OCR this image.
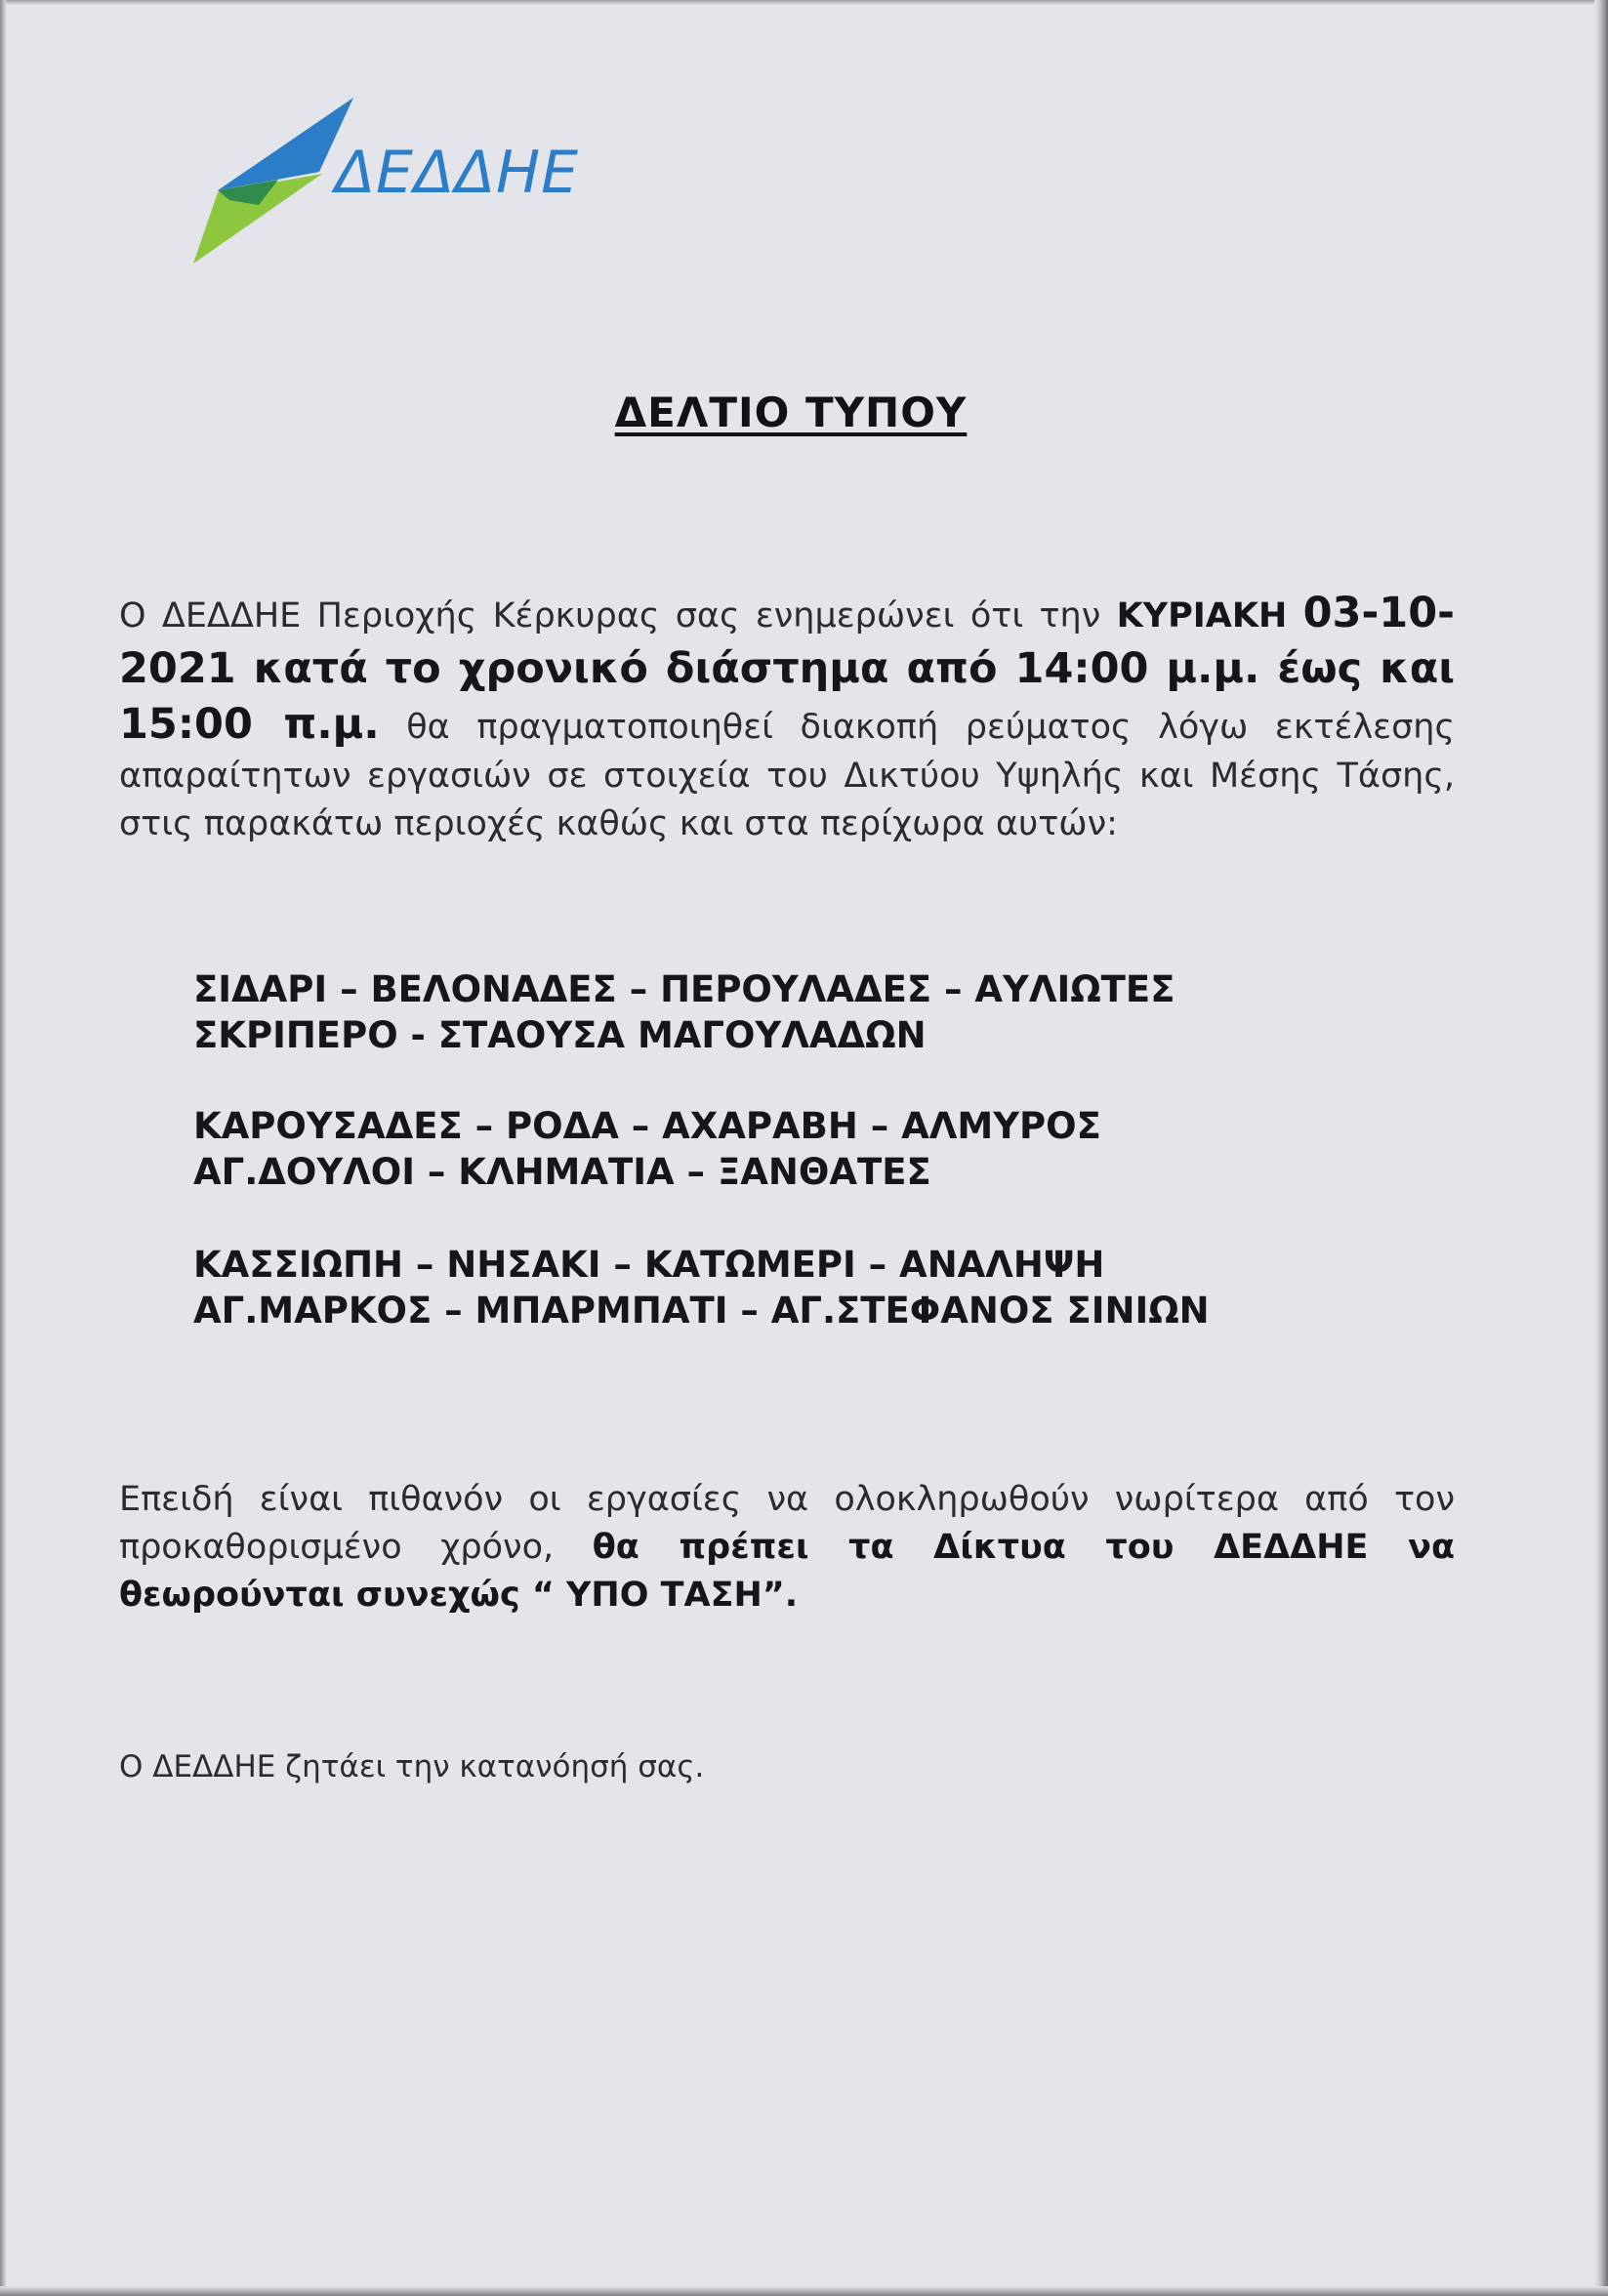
ΔΕΔΔΗΕ
ΔΕΛΤΙΟ ΤΥΠΟΥ
Ο ΔΕΔΔΗΕ Περιοχής Κέρκυρας σας ενημερώνει ότι την ΚΥΡΙΑΚΗ 03-10-2021 κατά το χρονικό διάστημα από 14:00 μ.μ. έως και 15:00 π.μ. θα πραγματοποιηθεί διακοπή ρεύματος λόγω εκτέλεσης απαραίτητων εργασιών σε στοιχεία του Δικτύου Υψηλής και Μέσης Τάσης, στις παρακάτω περιοχές καθώς και στα περίχωρα αυτών:
ΣΙΔΑΡΙ – ΒΕΛΟΝΑΔΕΣ – ΠΕΡΟΥΛΑΔΕΣ – ΑΥΛΙΩΤΕΣ
ΣΚΡΙΠΕΡΟ - ΣΤΑΟΥΣΑ ΜΑΓΟΥΛΑΔΩΝ
ΚΑΡΟΥΣΑΔΕΣ – ΡΟΔΑ – ΑΧΑΡΑΒΗ – ΑΛΜΥΡΟΣ
ΑΓ.ΔΟΥΛΟΙ – ΚΛΗΜΑΤΙΑ – ΞΑΝΘΑΤΕΣ
ΚΑΣΣΙΩΠΗ – ΝΗΣΑΚΙ – ΚΑΤΩΜΕΡΙ – ΑΝΑΛΗΨΗ
ΑΓ.ΜΑΡΚΟΣ – ΜΠΑΡΜΠΑΤΙ – ΑΓ.ΣΤΕΦΑΝΟΣ ΣΙΝΙΩΝ
Επειδή είναι πιθανόν οι εργασίες να ολοκληρωθούν νωρίτερα από τον προκαθορισμένο χρόνο, θα πρέπει τα Δίκτυα του ΔΕΔΔΗΕ να θεωρούνται συνεχώς “ ΥΠΟ ΤΑΣΗ”.
Ο ΔΕΔΔΗΕ ζητάει την κατανόησή σας.
